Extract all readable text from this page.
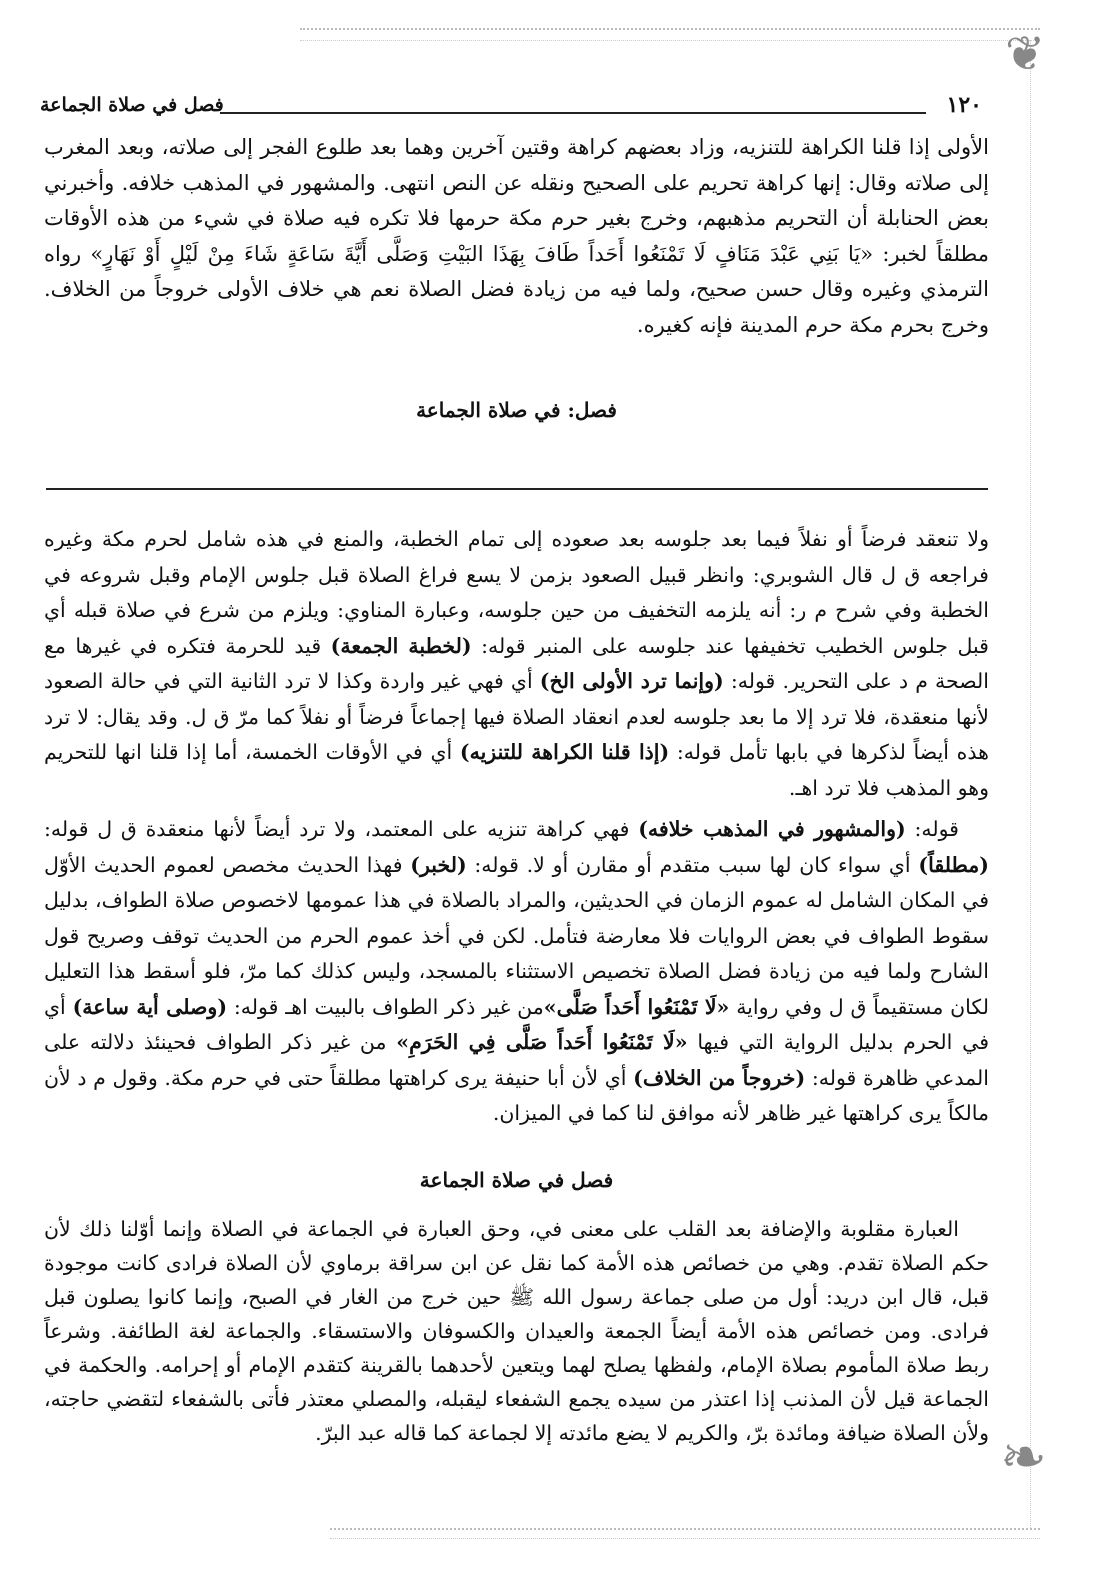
❦
❧
١٢٠
فصل في صلاة الجماعة

الأولى إذا قلنا الكراهة للتنزيه، وزاد بعضهم كراهة وقتين آخرين وهما بعد طلوع الفجر إلى صلاته، وبعد المغرب إلى صلاته وقال: إنها كراهة تحريم على الصحيح ونقله عن النص انتهى. والمشهور في المذهب خلافه. وأخبرني بعض الحنابلة أن التحريم مذهبهم، وخرج بغير حرم مكة حرمها فلا تكره فيه صلاة في شيء من هذه الأوقات مطلقاً لخبر: «يَا بَنِي عَبْدَ مَنَافٍ لَا تَمْنَعُوا أَحَداً طَافَ بِهَذَا البَيْتِ وَصَلَّى أَيَّةَ سَاعَةٍ شَاءَ مِنْ لَيْلٍ أَوْ نَهَارٍ» رواه الترمذي وغيره وقال حسن صحيح، ولما فيه من زيادة فضل الصلاة نعم هي خلاف الأولى خروجاً من الخلاف. وخرج بحرم مكة حرم المدينة فإنه كغيره.

فصل: في صلاة الجماعة

ولا تنعقد فرضاً أو نفلاً فيما بعد جلوسه بعد صعوده إلى تمام الخطبة، والمنع في هذه شامل لحرم مكة وغيره فراجعه ق ل قال الشوبري: وانظر قبيل الصعود بزمن لا يسع فراغ الصلاة قبل جلوس الإمام وقبل شروعه في الخطبة وفي شرح م ر: أنه يلزمه التخفيف من حين جلوسه، وعبارة المناوي: ويلزم من شرع في صلاة قبله أي قبل جلوس الخطيب تخفيفها عند جلوسه على المنبر قوله: (لخطبة الجمعة) قيد للحرمة فتكره في غيرها مع الصحة م د على التحرير. قوله: (وإنما ترد الأولى الخ) أي فهي غير واردة وكذا لا ترد الثانية التي في حالة الصعود لأنها منعقدة، فلا ترد إلا ما بعد جلوسه لعدم انعقاد الصلاة فيها إجماعاً فرضاً أو نفلاً كما مرّ ق ل. وقد يقال: لا ترد هذه أيضاً لذكرها في بابها تأمل قوله: (إذا قلنا الكراهة للتنزيه) أي في الأوقات الخمسة، أما إذا قلنا انها للتحريم وهو المذهب فلا ترد اهـ.

قوله: (والمشهور في المذهب خلافه) فهي كراهة تنزيه على المعتمد، ولا ترد أيضاً لأنها منعقدة ق ل قوله: (مطلقاً) أي سواء كان لها سبب متقدم أو مقارن أو لا. قوله: (لخبر) فهذا الحديث مخصص لعموم الحديث الأوّل في المكان الشامل له عموم الزمان في الحديثين، والمراد بالصلاة في هذا عمومها لاخصوص صلاة الطواف، بدليل سقوط الطواف في بعض الروايات فلا معارضة فتأمل. لكن في أخذ عموم الحرم من الحديث توقف وصريح قول الشارح ولما فيه من زيادة فضل الصلاة تخصيص الاستثناء بالمسجد، وليس كذلك كما مرّ، فلو أسقط هذا التعليل لكان مستقيماً ق ل وفي رواية «لَا تَمْنَعُوا أَحَداً صَلَّى»من غير ذكر الطواف بالبيت اهـ قوله: (وصلى أية ساعة) أي في الحرم بدليل الرواية التي فيها «لَا تَمْنَعُوا أَحَداً صَلَّى فِي الحَرَمِ» من غير ذكر الطواف فحينئذ دلالته على المدعي ظاهرة قوله: (خروجاً من الخلاف) أي لأن أبا حنيفة يرى كراهتها مطلقاً حتى في حرم مكة. وقول م د لأن مالكاً يرى كراهتها غير ظاهر لأنه موافق لنا كما في الميزان.

فصل في صلاة الجماعة

العبارة مقلوبة والإضافة بعد القلب على معنى في، وحق العبارة في الجماعة في الصلاة وإنما أوّلنا ذلك لأن حكم الصلاة تقدم. وهي من خصائص هذه الأمة كما نقل عن ابن سراقة برماوي لأن الصلاة فرادى كانت موجودة قبل، قال ابن دريد: أول من صلى جماعة رسول الله ﷺ حين خرج من الغار في الصبح، وإنما كانوا يصلون قبل فرادى. ومن خصائص هذه الأمة أيضاً الجمعة والعيدان والكسوفان والاستسقاء. والجماعة لغة الطائفة. وشرعاً ربط صلاة المأموم بصلاة الإمام، ولفظها يصلح لهما ويتعين لأحدهما بالقرينة كتقدم الإمام أو إحرامه. والحكمة في الجماعة قيل لأن المذنب إذا اعتذر من سيده يجمع الشفعاء ليقبله، والمصلي معتذر فأتى بالشفعاء لتقضي حاجته، ولأن الصلاة ضيافة ومائدة برّ، والكريم لا يضع مائدته إلا لجماعة كما قاله عبد البرّ.
